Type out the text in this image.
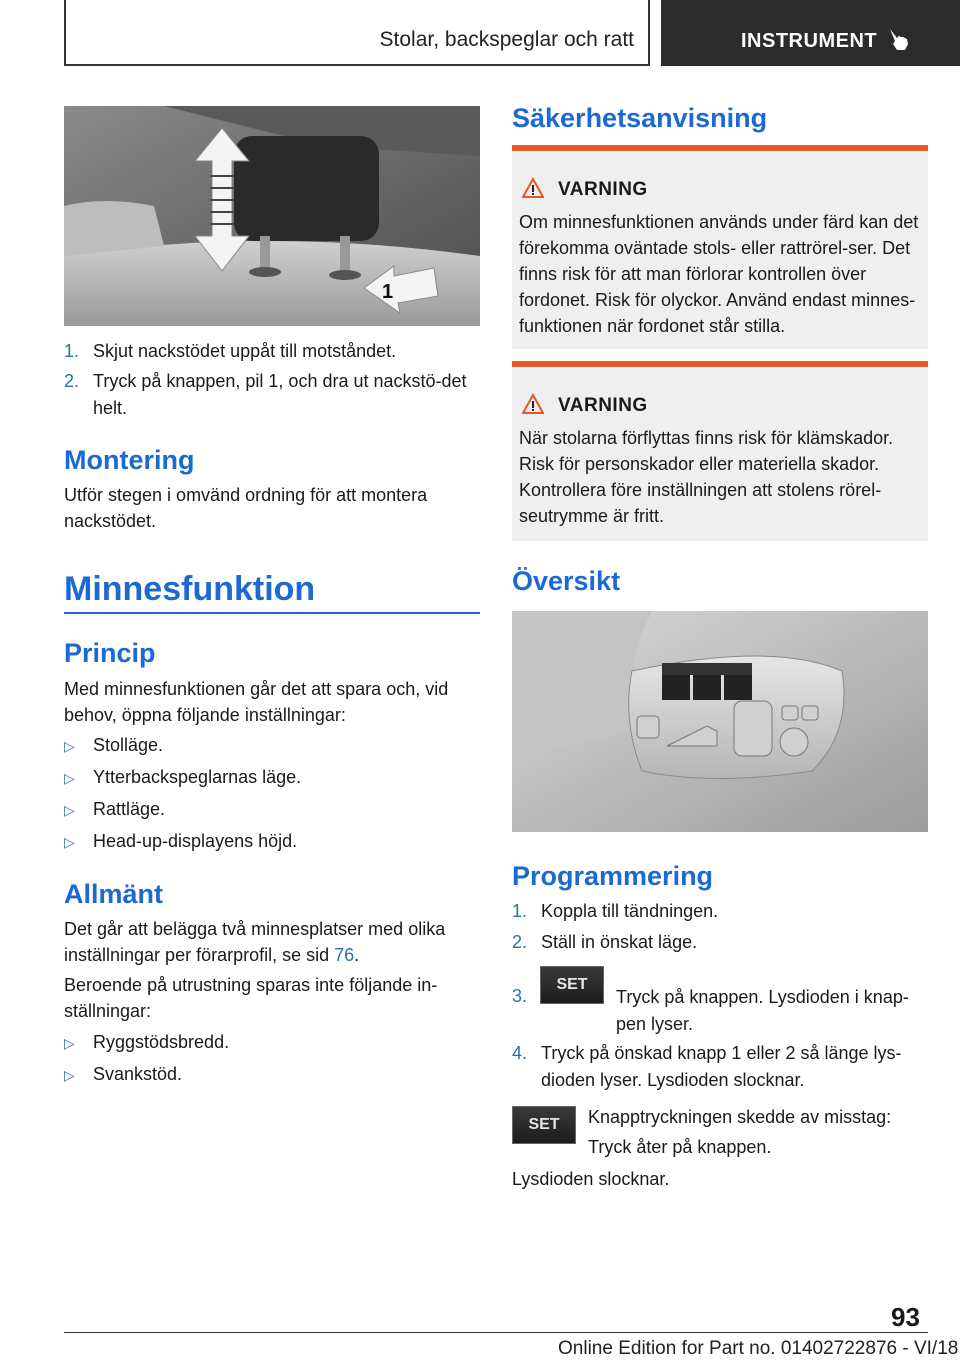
Stolar, backspeglar och ratt	INSTRUMENT
1
1. Skjut nackstödet uppåt till motståndet.
2. Tryck på knappen, pil 1, och dra ut nackstö-det helt.
Montering
Utför stegen i omvänd ordning för att montera nackstödet.
Minnesfunktion
Princip
Med minnesfunktionen går det att spara och, vid behov, öppna följande inställningar:
▷ Stolläge.
▷ Ytterbackspeglarnas läge.
▷ Rattläge.
▷ Head-up-displayens höjd.
Allmänt
Det går att belägga två minnesplatser med olika inställningar per förarprofil, se sid 76.
Beroende på utrustning sparas inte följande in-ställningar:
▷ Ryggstödsbredd.
▷ Svankstöd.
Säkerhetsanvisning
VARNING
Om minnesfunktionen används under färd kan det förekomma oväntade stols- eller rattrörel-ser. Det finns risk för att man förlorar kontrollen över fordonet. Risk för olyckor. Använd endast minnes-funktionen när fordonet står stilla.
VARNING
När stolarna förflyttas finns risk för klämskador. Risk för personskador eller materiella skador. Kontrollera före inställningen att stolens rörel-seutrymme är fritt.
Översikt
Programmering
1. Koppla till tändningen.
2. Ställ in önskat läge.
3.
SET
Tryck på knappen. Lysdioden i knap-pen lyser.
4. Tryck på önskad knapp 1 eller 2 så länge lys-dioden lyser. Lysdioden slocknar.
SET	Knapptryckningen skedde av misstag:
Tryck åter på knappen.
Lysdioden slocknar.
93
Online Edition for Part no. 01402722876 - VI/18
